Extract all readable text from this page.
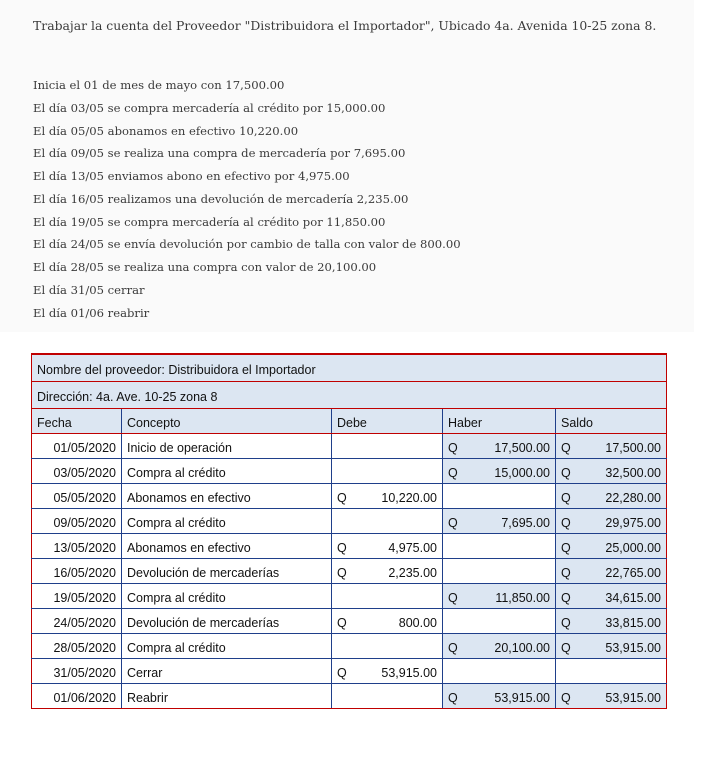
Trabajar la cuenta del Proveedor "Distribuidora el Importador", Ubicado 4a. Avenida 10-25 zona 8.

Inicia el 01 de mes de mayo con 17,500.00
El día 03/05 se compra mercadería al crédito por 15,000.00
El día 05/05 abonamos en efectivo 10,220.00
El día 09/05 se realiza una compra de mercadería por 7,695.00
El día 13/05 enviamos abono en efectivo por 4,975.00
El día 16/05 realizamos una devolución de mercadería 2,235.00
El día 19/05 se compra mercadería al crédito por 11,850.00
El día 24/05 se envía devolución por cambio de talla con valor de 800.00
El día 28/05 se realiza una compra con valor de 20,100.00
El día 31/05 cerrar
El día 01/06 reabrir
Nombre del proveedor: Distribuidora el Importador				
Dirección: 4a. Ave. 10-25 zona 8				
Fecha	Concepto	Debe	Haber	Saldo
01/05/2020	Inicio de operación		Q 17,500.00	Q 17,500.00

03/05/2020	Compra al crédito		Q 15,000.00	Q 32,500.00

05/05/2020	Abonamos en efectivo	Q 10,220.00		Q 22,280.00

09/05/2020	Compra al crédito		Q 7,695.00	Q 29,975.00

13/05/2020	Abonamos en efectivo	Q 4,975.00		Q 25,000.00

16/05/2020	Devolución de mercaderías	Q 2,235.00		Q 22,765.00

19/05/2020	Compra al crédito		Q 11,850.00	Q 34,615.00

24/05/2020	Devolución de mercaderías	Q 800.00		Q 33,815.00

28/05/2020	Compra al crédito		Q 20,100.00	Q 53,915.00

31/05/2020	Cerrar	Q 53,915.00		

01/06/2020	Reabrir		Q 53,915.00	Q 53,915.00
